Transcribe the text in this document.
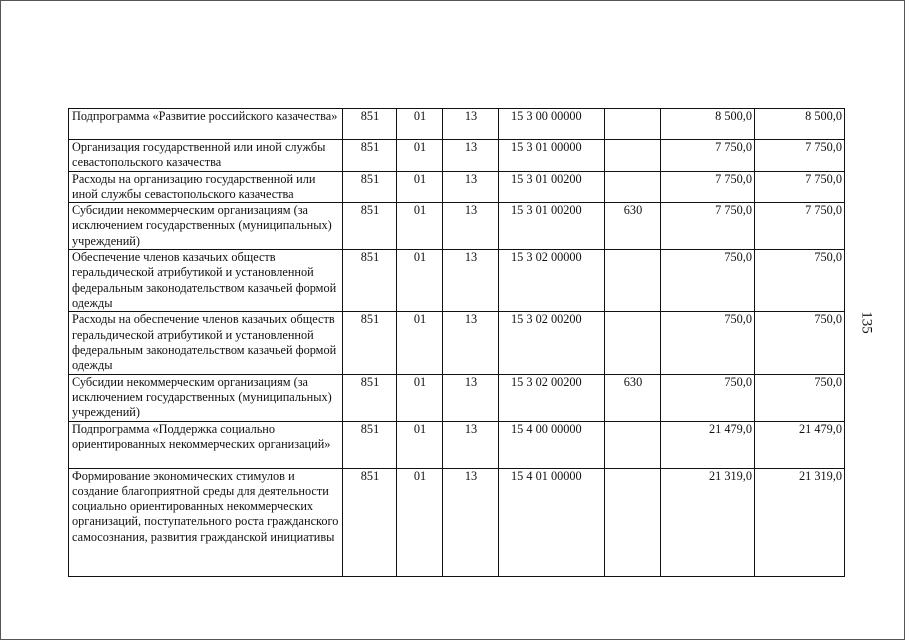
Подпрограмма «Развитие российского казачества»	851	01	13	15 3 00 00000		8 500,0	8 500,0
Организация государственной или иной службы севастопольского казачества	851	01	13	15 3 01 00000		7 750,0	7 750,0
Расходы на организацию государственной или иной службы севастопольского казачества	851	01	13	15 3 01 00200		7 750,0	7 750,0
Субсидии некоммерческим организациям (за исключением государственных (муниципальных) учреждений)	851	01	13	15 3 01 00200	630	7 750,0	7 750,0
Обеспечение членов казачьих обществ геральдической атрибутикой и установленной федеральным законодательством казачьей формой одежды	851	01	13	15 3 02 00000		750,0	750,0
Расходы на обеспечение членов казачьих обществ геральдической атрибутикой и установленной федеральным законодательством казачьей формой одежды	851	01	13	15 3 02 00200		750,0	750,0
Субсидии некоммерческим организациям (за исключением государственных (муниципальных) учреждений)	851	01	13	15 3 02 00200	630	750,0	750,0
Подпрограмма «Поддержка социально ориентированных некоммерческих организаций»	851	01	13	15 4 00 00000		21 479,0	21 479,0
Формирование экономических стимулов и создание благоприятной среды для деятельности социально ориентированных некоммерческих организаций, поступательного роста гражданского самосознания, развития гражданской инициативы	851	01	13	15 4 01 00000		21 319,0	21 319,0
135
